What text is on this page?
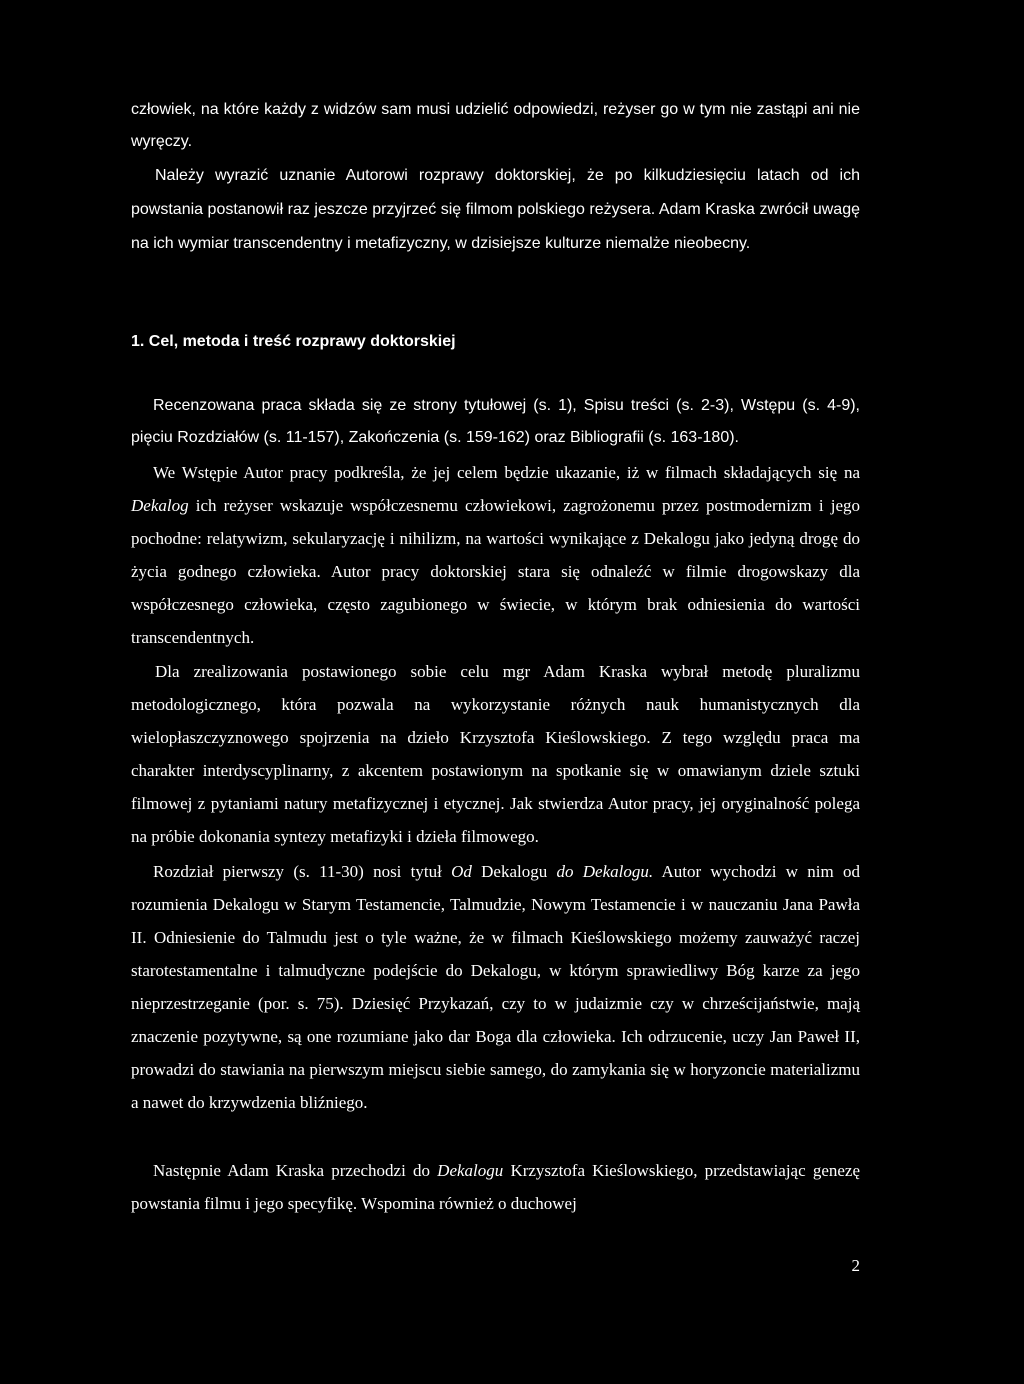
człowiek, na które każdy z widzów sam musi udzielić odpowiedzi, reżyser go w tym nie zastąpi ani nie wyręczy.

Należy wyrazić uznanie Autorowi rozprawy doktorskiej, że po kilkudziesięciu latach od ich powstania postanowił raz jeszcze przyjrzeć się filmom polskiego reżysera. Adam Kraska zwrócił uwagę na ich wymiar transcendentny i metafizyczny, w dzisiejsze kulturze niemalże nieobecny.

1. Cel, metoda i treść rozprawy doktorskiej

Recenzowana praca składa się ze strony tytułowej (s. 1), Spisu treści (s. 2-3), Wstępu (s. 4-9), pięciu Rozdziałów (s. 11-157), Zakończenia (s. 159-162) oraz Bibliografii (s. 163-180).

We Wstępie Autor pracy podkreśla, że jej celem będzie ukazanie, iż w filmach składających się na Dekalog ich reżyser wskazuje współczesnemu człowiekowi, zagrożonemu przez postmodernizm i jego pochodne: relatywizm, sekularyzację i nihilizm, na wartości wynikające z Dekalogu jako jedyną drogę do życia godnego człowieka. Autor pracy doktorskiej stara się odnaleźć w filmie drogowskazy dla współczesnego człowieka, często zagubionego w świecie, w którym brak odniesienia do wartości transcendentnych.

Dla zrealizowania postawionego sobie celu mgr Adam Kraska wybrał metodę pluralizmu metodologicznego, która pozwala na wykorzystanie różnych nauk humanistycznych dla wielopłaszczyznowego spojrzenia na dzieło Krzysztofa Kieślowskiego. Z tego względu praca ma charakter interdyscyplinarny, z akcentem postawionym na spotkanie się w omawianym dziele sztuki filmowej z pytaniami natury metafizycznej i etycznej. Jak stwierdza Autor pracy, jej oryginalność polega na próbie dokonania syntezy metafizyki i dzieła filmowego.

Rozdział pierwszy (s. 11-30) nosi tytuł Od Dekalogu do Dekalogu. Autor wychodzi w nim od rozumienia Dekalogu w Starym Testamencie, Talmudzie, Nowym Testamencie i w nauczaniu Jana Pawła II. Odniesienie do Talmudu jest o tyle ważne, że w filmach Kieślowskiego możemy zauważyć raczej starotestamentalne i talmudyczne podejście do Dekalogu, w którym sprawiedliwy Bóg karze za jego nieprzestrzeganie (por. s. 75). Dziesięć Przykazań, czy to w judaizmie czy w chrześcijaństwie, mają znaczenie pozytywne, są one rozumiane jako dar Boga dla człowieka. Ich odrzucenie, uczy Jan Paweł II, prowadzi do stawiania na pierwszym miejscu siebie samego, do zamykania się w horyzoncie materializmu a nawet do krzywdzenia bliźniego.

Następnie Adam Kraska przechodzi do Dekalogu Krzysztofa Kieślowskiego, przedstawiając genezę powstania filmu i jego specyfikę. Wspomina również o duchowej

2
